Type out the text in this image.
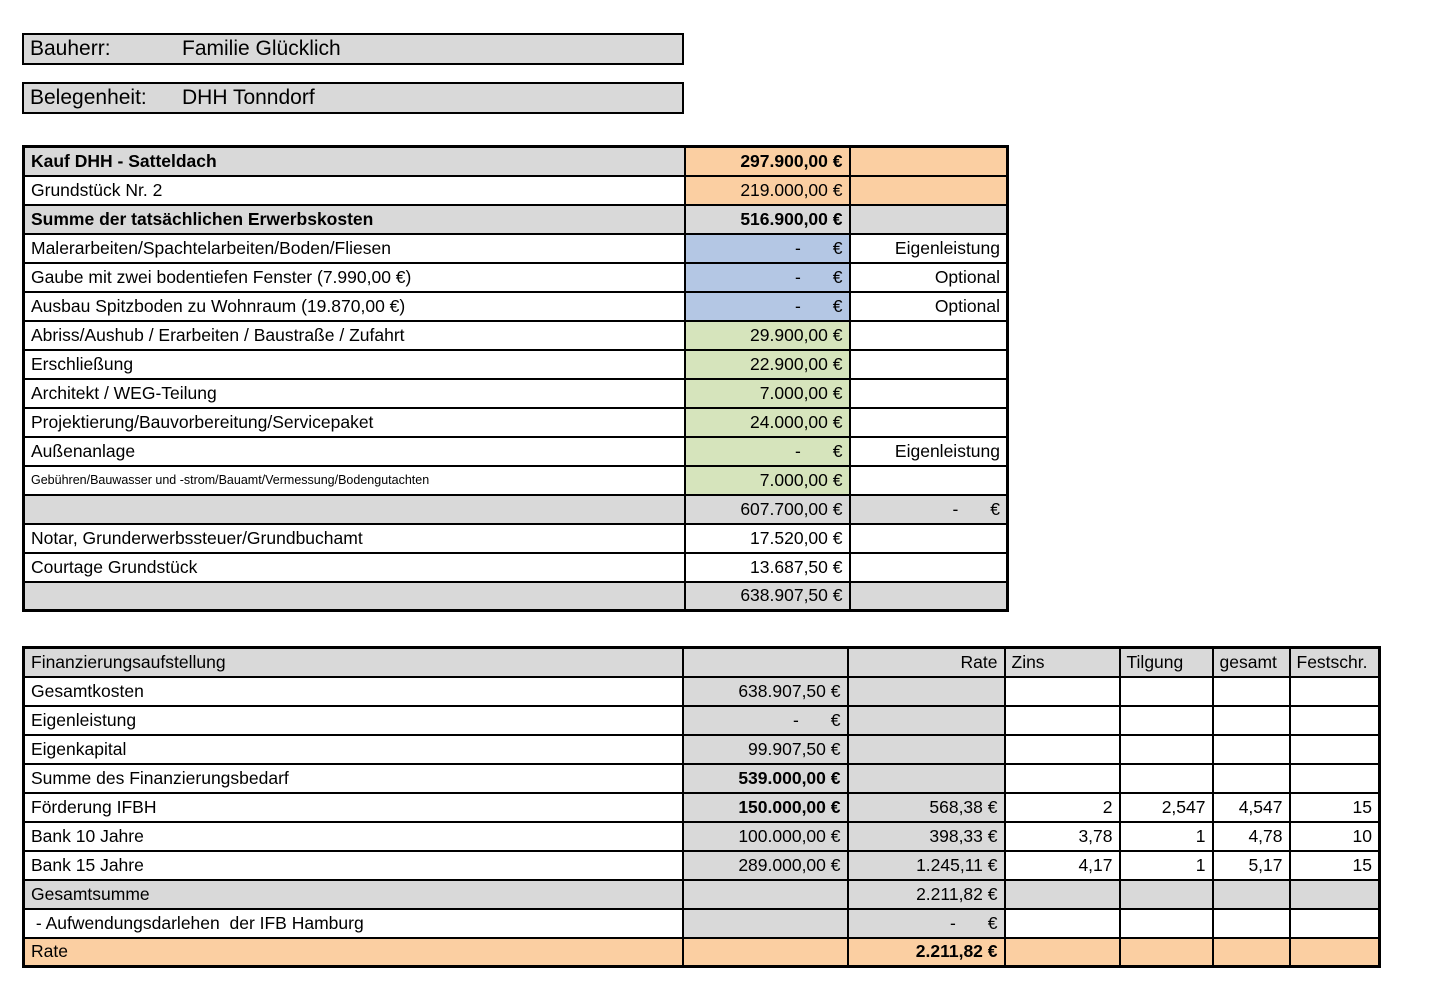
Bauherr:	Familie Glücklich
Belegenheit:	DHH Tonndorf
Kauf DHH - Satteldach	297.900,00 €	
Grundstück Nr. 2	219.000,00 €	
Summe der tatsächlichen Erwerbskosten	516.900,00 €	
Malerarbeiten/Spachtelarbeiten/Boden/Fliesen	- €	Eigenleistung
Gaube mit zwei bodentiefen Fenster (7.990,00 €)	- €	Optional
Ausbau Spitzboden zu Wohnraum (19.870,00 €)	- €	Optional
Abriss/Aushub / Erarbeiten / Baustraße / Zufahrt	29.900,00 €	
Erschließung	22.900,00 €	
Architekt / WEG-Teilung	7.000,00 €	
Projektierung/Bauvorbereitung/Servicepaket	24.000,00 €	
Außenanlage	- €	Eigenleistung
Gebühren/Bauwasser und -strom/Bauamt/Vermessung/Bodengutachten	7.000,00 €	
	607.700,00 €	- €

Notar, Grunderwerbssteuer/Grundbuchamt	17.520,00 €	
Courtage Grundstück	13.687,50 €	
	638.907,50 €	
Finanzierungsaufstellung		Rate	Zins	Tilgung	gesamt	Festschr.
Gesamtkosten	638.907,50 €					
Eigenleistung	- €					

Eigenkapital	99.907,50 €					
Summe des Finanzierungsbedarf	539.000,00 €					
Förderung IFBH	150.000,00 €	568,38 €	2	2,547	4,547	15
Bank 10 Jahre	100.000,00 €	398,33 €	3,78	1	4,78	10
Bank 15 Jahre	289.000,00 €	1.245,11 €	4,17	1	5,17	15
Gesamtsumme		2.211,82 €				
- Aufwendungsdarlehen  der IFB Hamburg		- €				

Rate		2.211,82 €				
